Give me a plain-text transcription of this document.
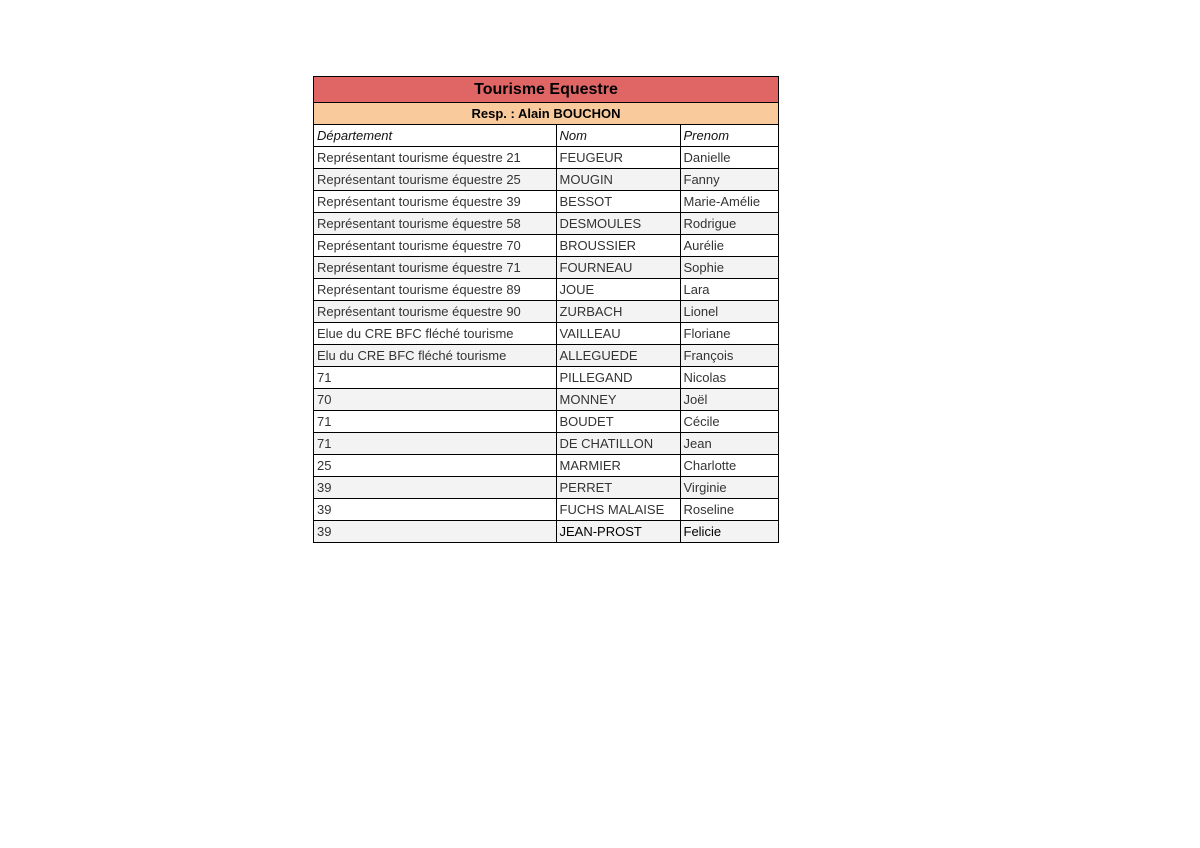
Tourisme Equestre
Resp. : Alain BOUCHON
Département	Nom	Prenom
Représentant tourisme équestre 21	FEUGEUR	Danielle
Représentant tourisme équestre 25	MOUGIN	Fanny
Représentant tourisme équestre 39	BESSOT	Marie-Amélie
Représentant tourisme équestre 58	DESMOULES	Rodrigue
Représentant tourisme équestre 70	BROUSSIER	Aurélie
Représentant tourisme équestre 71	FOURNEAU	Sophie
Représentant tourisme équestre 89	JOUE	Lara
Représentant tourisme équestre 90	ZURBACH	Lionel
Elue du CRE BFC fléché tourisme	VAILLEAU	Floriane
Elu du CRE BFC fléché tourisme	ALLEGUEDE	François
71	PILLEGAND	Nicolas
70	MONNEY	Joël
71	BOUDET	Cécile
71	DE CHATILLON	Jean
25	MARMIER	Charlotte
39	PERRET	Virginie
39	FUCHS MALAISE	Roseline
39	JEAN-PROST	Felicie
